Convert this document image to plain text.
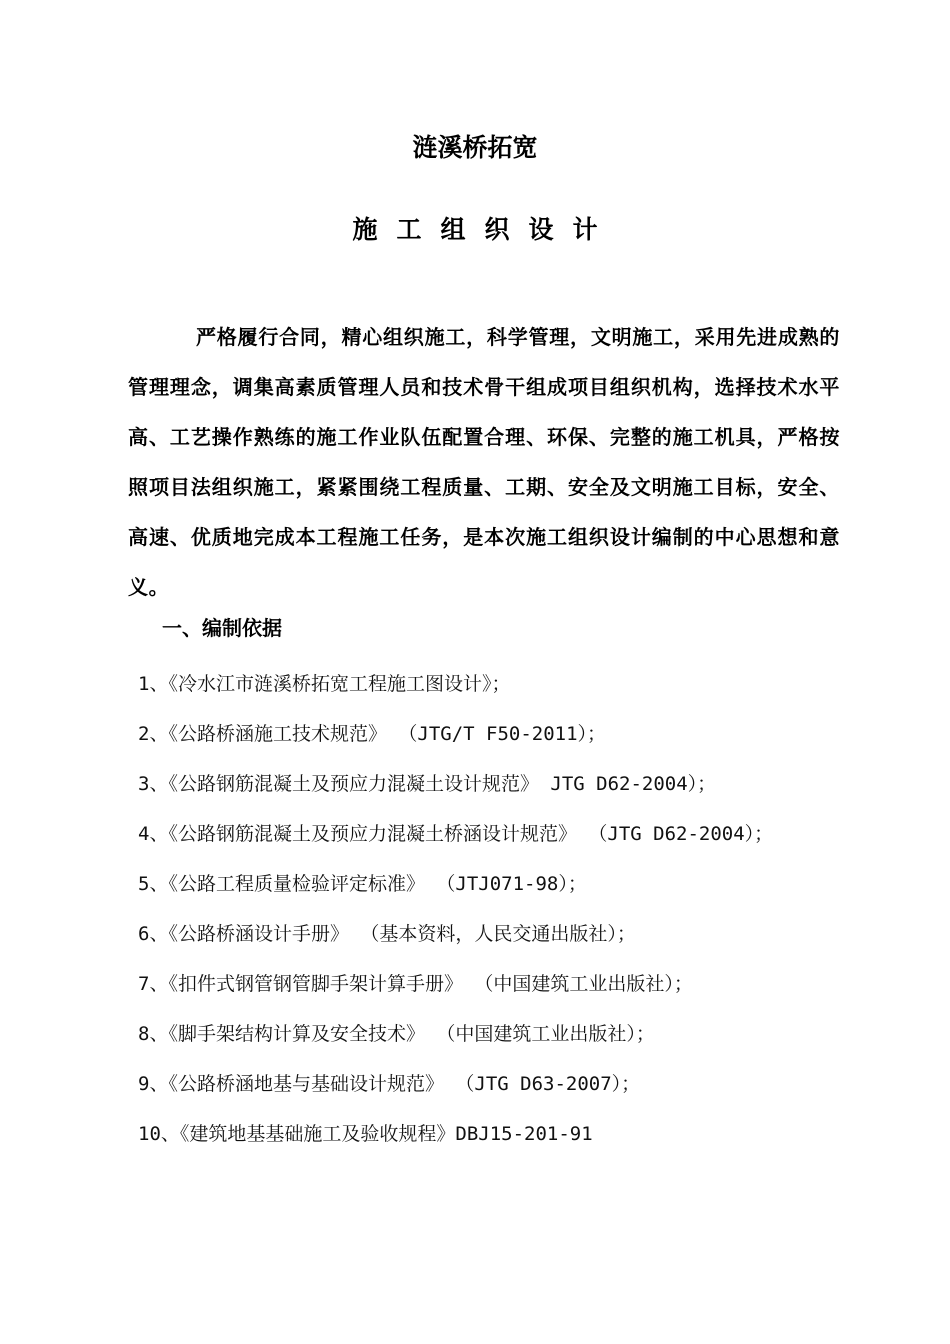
涟溪桥拓宽
施工组织设计

严格履行合同，精心组织施工，科学管理，文明施工，采用先进成熟的管理理念，调集高素质管理人员和技术骨干组成项目组织机构，选择技术水平高、工艺操作熟练的施工作业队伍配置合理、环保、完整的施工机具，严格按照项目法组织施工，紧紧围绕工程质量、工期、安全及文明施工目标，安全、高速、优质地完成本工程施工任务，是本次施工组织设计编制的中心思想和意义。

一、编制依据
1、《冷水江市涟溪桥拓宽工程施工图设计》；
2、《公路桥涵施工技术规范》 （JTG/T F50-2011）；
3、《公路钢筋混凝土及预应力混凝土设计规范》 JTG D62-2004）；
4、《公路钢筋混凝土及预应力混凝土桥涵设计规范》 （JTG D62-2004）；
5、《公路工程质量检验评定标准》 （JTJ071-98）；
6、《公路桥涵设计手册》 （基本资料，人民交通出版社）；
7、《扣件式钢管钢管脚手架计算手册》 （中国建筑工业出版社）；
8、《脚手架结构计算及安全技术》 （中国建筑工业出版社）；
9、《公路桥涵地基与基础设计规范》 （JTG D63-2007）；
10、《建筑地基基础施工及验收规程》DBJ15-201-91
